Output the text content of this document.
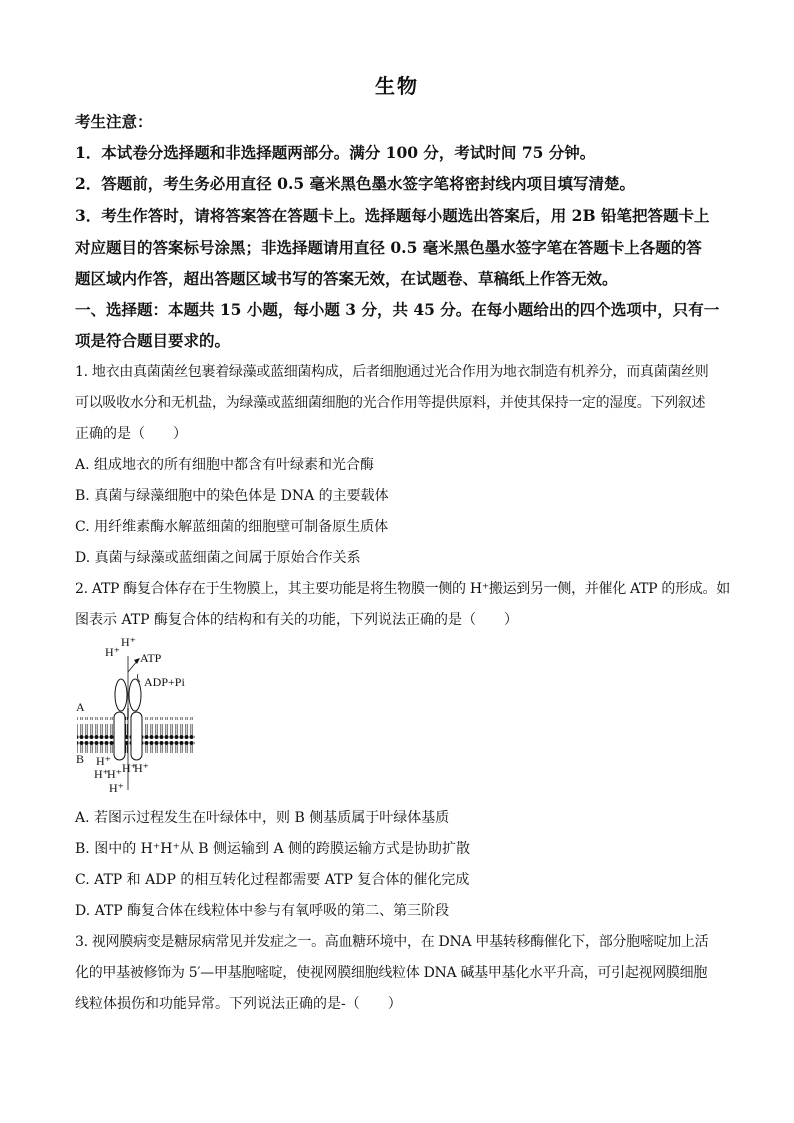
生物
考生注意：
1．本试卷分选择题和非选择题两部分。满分 100 分，考试时间 75 分钟。
2．答题前，考生务必用直径 0.5 毫米黑色墨水签字笔将密封线内项目填写清楚。
3．考生作答时，请将答案答在答题卡上。选择题每小题选出答案后，用 2B 铅笔把答题卡上
对应题目的答案标号涂黑；非选择题请用直径 0.5 毫米黑色墨水签字笔在答题卡上各题的答
题区域内作答，超出答题区域书写的答案无效，在试题卷、草稿纸上作答无效。
一、选择题：本题共 15 小题，每小题 3 分，共 45 分。在每小题给出的四个选项中，只有一
项是符合题目要求的。
1. 地衣由真菌菌丝包裹着绿藻或蓝细菌构成，后者细胞通过光合作用为地衣制造有机养分，而真菌菌丝则
可以吸收水分和无机盐，为绿藻或蓝细菌细胞的光合作用等提供原料，并使其保持一定的湿度。下列叙述
正确的是（　　）
A. 组成地衣的所有细胞中都含有叶绿素和光合酶
B. 真菌与绿藻细胞中的染色体是 DNA 的主要载体
C. 用纤维素酶水解蓝细菌的细胞壁可制备原生质体
D. 真菌与绿藻或蓝细菌之间属于原始合作关系
2. ATP 酶复合体存在于生物膜上，其主要功能是将生物膜一侧的 H⁺搬运到另一侧，并催化 ATP 的形成。如
图表示 ATP 酶复合体的结构和有关的功能，下列说法正确的是（　　）
H⁺
H⁺ ATP
ADP+Pi
A
B H⁺
H⁺
H⁺ H⁺
H⁺
H⁺
A. 若图示过程发生在叶绿体中，则 B 侧基质属于叶绿体基质
B. 图中的 H⁺H⁺从 B 侧运输到 A 侧的跨膜运输方式是协助扩散
C. ATP 和 ADP 的相互转化过程都需要 ATP 复合体的催化完成
D. ATP 酶复合体在线粒体中参与有氧呼吸的第二、第三阶段
3. 视网膜病变是糖尿病常见并发症之一。高血糖环境中，在 DNA 甲基转移酶催化下，部分胞嘧啶加上活
化的甲基被修饰为 5′—甲基胞嘧啶，使视网膜细胞线粒体 DNA 碱基甲基化水平升高，可引起视网膜细胞
线粒体损伤和功能异常。下列说法正确的是-（　　）
